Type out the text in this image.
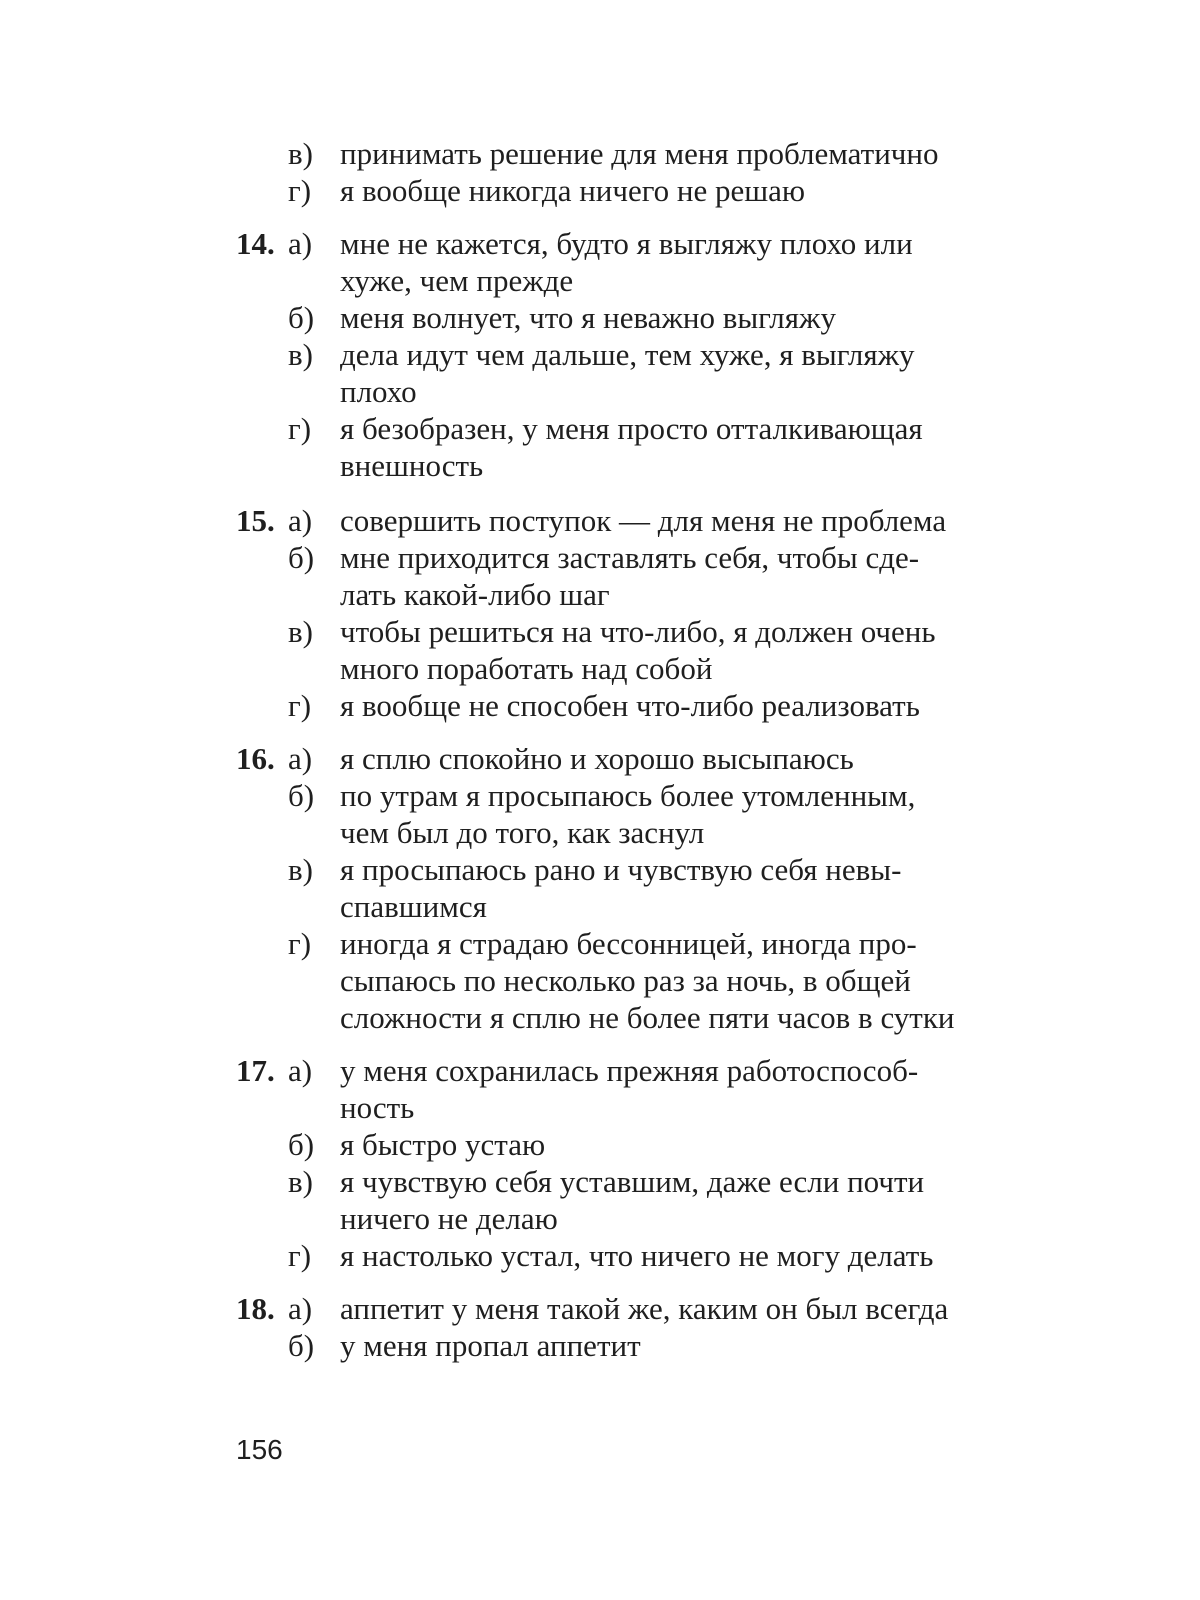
в) принимать решение для меня проблематично
г) я вообще никогда ничего не решаю
14. а) мне не кажется, будто я выгляжу плохо или
хуже, чем прежде
б) меня волнует, что я неважно выгляжу
в) дела идут чем дальше, тем хуже, я выгляжу
плохо
г) я безобразен, у меня просто отталкивающая
внешность
15. а) совершить поступок — для меня не проблема
б) мне приходится заставлять себя, чтобы сде-
лать какой-либо шаг
в) чтобы решиться на что-либо, я должен очень
много поработать над собой
г) я вообще не способен что-либо реализовать
16. а) я сплю спокойно и хорошо высыпаюсь
б) по утрам я просыпаюсь более утомленным,
чем был до того, как заснул
в) я просыпаюсь рано и чувствую себя невы-
спавшимся
г) иногда я страдаю бессонницей, иногда про-
сыпаюсь по несколько раз за ночь, в общей
сложности я сплю не более пяти часов в сутки
17. а) у меня сохранилась прежняя работоспособ-
ность
б) я быстро устаю
в) я чувствую себя уставшим, даже если почти
ничего не делаю
г) я настолько устал, что ничего не могу делать
18. а) аппетит у меня такой же, каким он был всегда
б) у меня пропал аппетит
156
